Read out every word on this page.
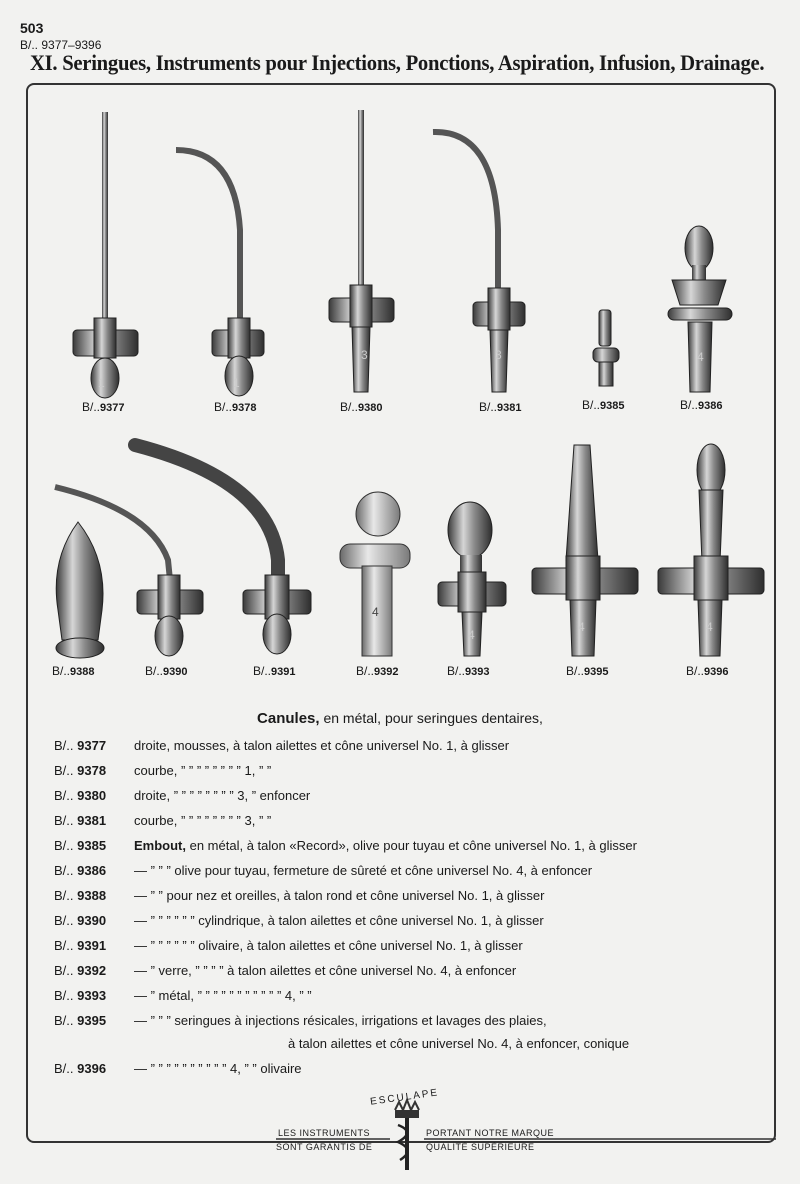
503
B/.. 9377–9396
XI. Seringues, Instruments pour Injections, Ponctions, Aspiration, Infusion, Drainage.
B/..9377	B/..9378	B/..9380	B/..9381	B/..9385	B/..9386
B/..9388	B/..9390	B/..9391	B/..9392	B/..9393	B/..9395	B/..9396
3	3	4
4
4
4	4
1	1
Canules, en métal, pour seringues dentaires,
B/.. 9377 droite, mousses, à talon ailettes et cône universel No. 1, à glisser
B/.. 9378 courbe, ” ” ” ” ” ” ” ” 1, ” ”
B/.. 9380 droite, ” ” ” ” ” ” ” ” 3, ” enfoncer
B/.. 9381 courbe, ” ” ” ” ” ” ” ” 3, ” ”
B/.. 9385 Embout, en métal, à talon «Record», olive pour tuyau et cône universel No. 1, à glisser
B/.. 9386 — ” ” ” olive pour tuyau, fermeture de sûreté et cône universel No. 4, à enfoncer
B/.. 9388 — ” ” pour nez et oreilles, à talon rond et cône universel No. 1, à glisser
B/.. 9390 — ” ” ” ” ” ” cylindrique, à talon ailettes et cône universel No. 1, à glisser
B/.. 9391 — ” ” ” ” ” ” olivaire, à talon ailettes et cône universel No. 1, à glisser
B/.. 9392 — ” verre, ” ” ” ” à talon ailettes et cône universel No. 4, à enfoncer
B/.. 9393 — ” métal, ” ” ” ” ” ” ” ” ” ” ” 4, ” ”
B/.. 9395 — ” ” ” seringues à injections résicales, irrigations et lavages des plaies,
à talon ailettes et cône universel No. 4, à enfoncer, conique
B/.. 9396 — ” ” ” ” ” ” ” ” ” ” 4, ” ” olivaire
ESCULAPE
LES INSTRUMENTS
SONT GARANTIS DE
PORTANT NOTRE MARQUE
QUALITÉ SUPÉRIEURE
